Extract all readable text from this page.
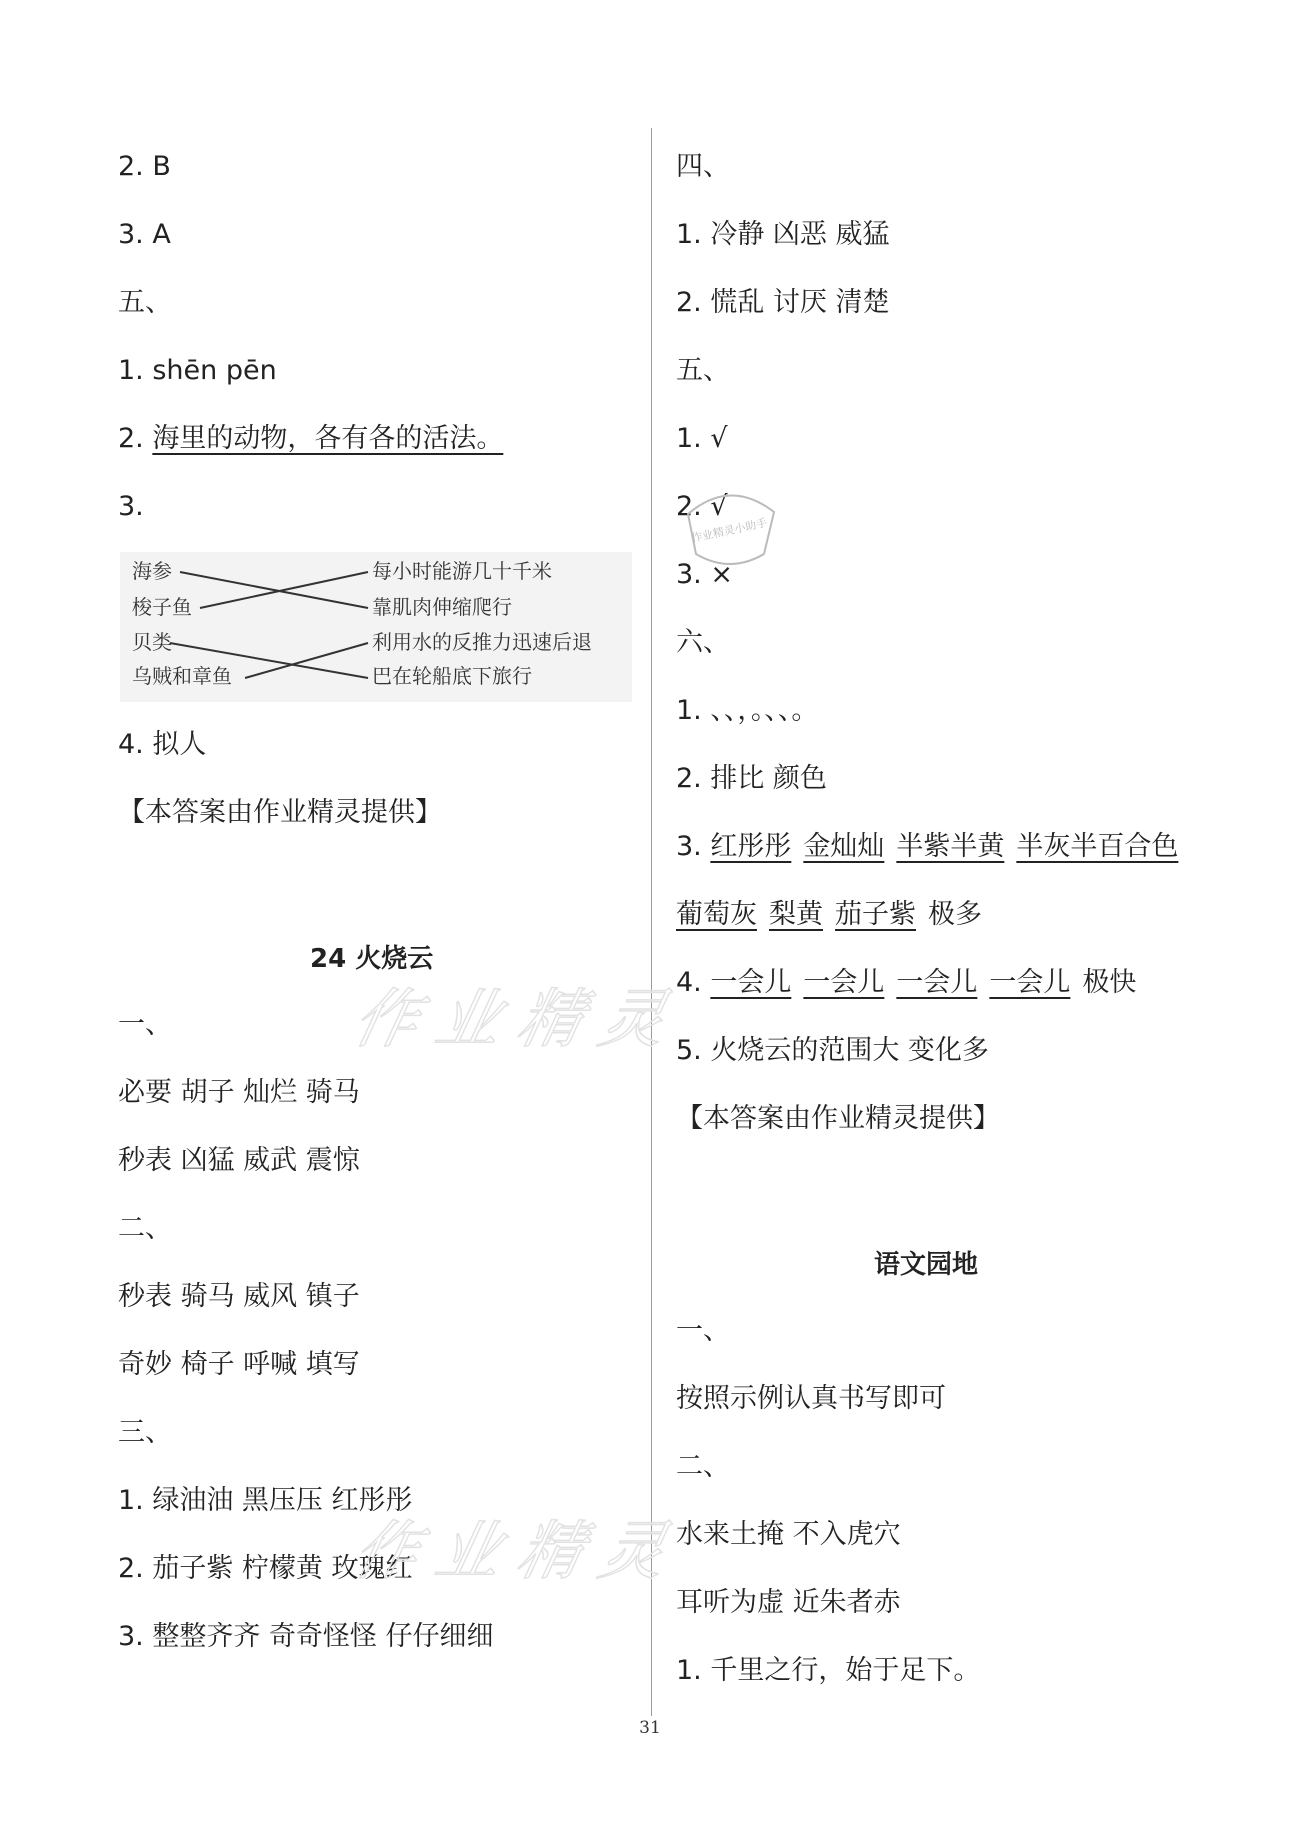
2. B
3. A
五、
1. shēn pēn
2. 海里的动物，各有各的活法。
3.
海参
梭子鱼
贝类
乌贼和章鱼
每小时能游几十千米
靠肌肉伸缩爬行
利用水的反推力迅速后退
巴在轮船底下旅行
4. 拟人
【本答案由作业精灵提供】
24 火烧云
一、
必要 胡子 灿烂 骑马
秒表 凶猛 威武 震惊
二、
秒表 骑马 威风 镇子
奇妙 椅子 呼喊 填写
三、
1. 绿油油 黑压压 红彤彤
2. 茄子紫 柠檬黄 玫瑰红
3. 整整齐齐 奇奇怪怪 仔仔细细
四、
1. 冷静 凶恶 威猛
2. 慌乱 讨厌 清楚
五、
1. √
2. √
3. ×
六、
1. 、、，。、、。
2. 排比 颜色
3. 红彤彤 金灿灿 半紫半黄 半灰半百合色
葡萄灰 梨黄 茄子紫 极多
4. 一会儿 一会儿 一会儿 一会儿 极快
5. 火烧云的范围大 变化多
【本答案由作业精灵提供】
语文园地
一、
按照示例认真书写即可
二、
水来土掩 不入虎穴
耳听为虚 近朱者赤
1. 千里之行，始于足下。
作业精灵
作业精灵
作业精灵小助手
31
